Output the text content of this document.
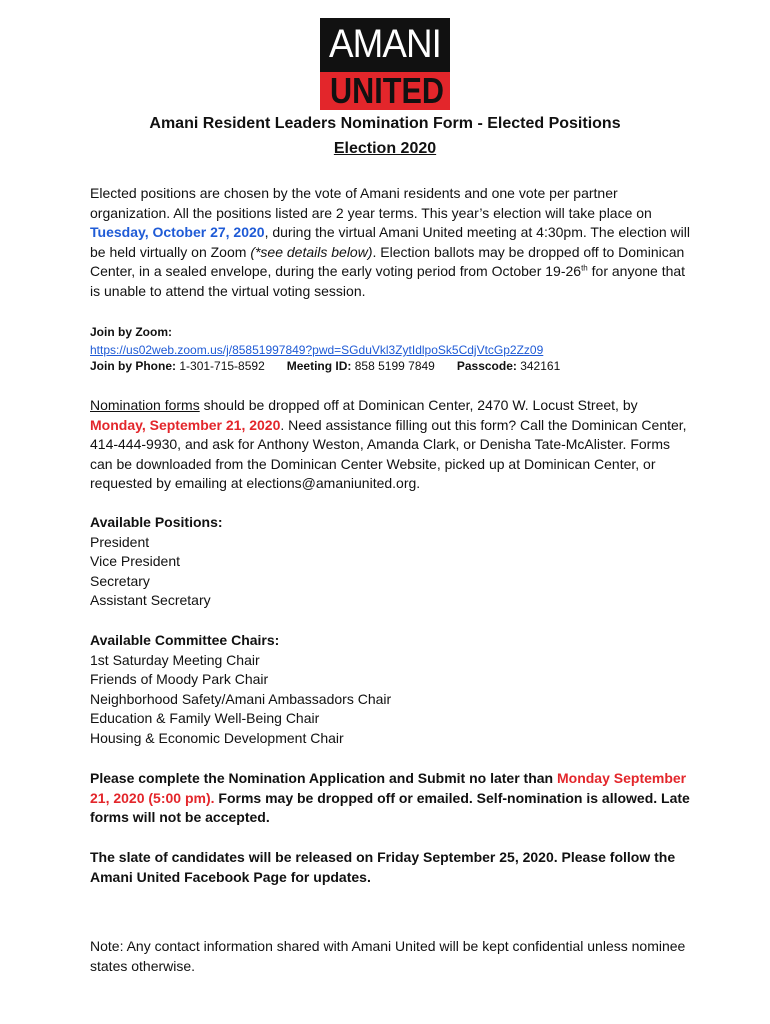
AMANI
UNITED
Amani Resident Leaders Nomination Form - Elected Positions
Election 2020
Elected positions are chosen by the vote of Amani residents and one vote per partner organization. All the positions listed are 2 year terms. This year’s election will take place on Tuesday, October 27, 2020, during the virtual Amani United meeting at 4:30pm. The election will be held virtually on Zoom (*see details below). Election ballots may be dropped off to Dominican Center, in a sealed envelope, during the early voting period from October 19-26th for anyone that is unable to attend the virtual voting session.
Join by Zoom:
https://us02web.zoom.us/j/85851997849?pwd=SGduVkl3ZytIdlpoSk5CdjVtcGp2Zz09
Join by Phone: 1-301-715-8592 Meeting ID: 858 5199 7849 Passcode: 342161
Nomination forms should be dropped off at Dominican Center, 2470 W. Locust Street, by Monday, September 21, 2020. Need assistance filling out this form? Call the Dominican Center, 414-444-9930, and ask for Anthony Weston, Amanda Clark, or Denisha Tate-McAlister. Forms can be downloaded from the Dominican Center Website, picked up at Dominican Center, or requested by emailing at elections@amaniunited.org.
Available Positions:
President
Vice President
Secretary
Assistant Secretary
Available Committee Chairs:
1st Saturday Meeting Chair
Friends of Moody Park Chair
Neighborhood Safety/Amani Ambassadors Chair
Education & Family Well-Being Chair
Housing & Economic Development Chair
Please complete the Nomination Application and Submit no later than Monday September 21, 2020 (5:00 pm). Forms may be dropped off or emailed. Self-nomination is allowed. Late forms will not be accepted.
The slate of candidates will be released on Friday September 25, 2020. Please follow the Amani United Facebook Page for updates.
Note: Any contact information shared with Amani United will be kept confidential unless nominee states otherwise.
